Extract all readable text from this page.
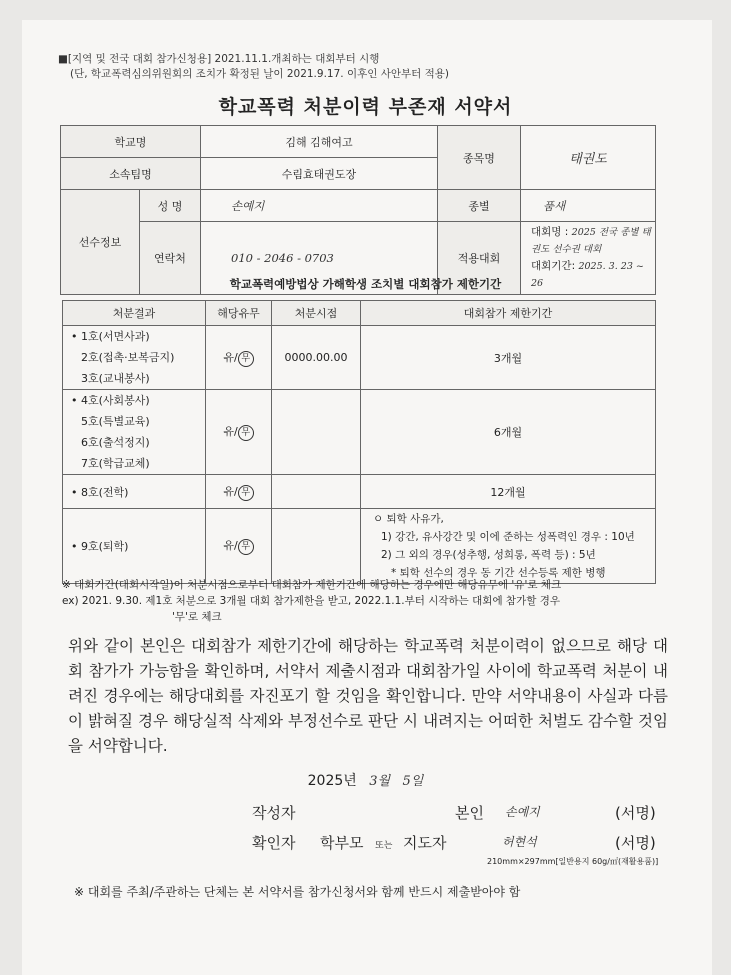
■[지역 및 전국 대회 참가신청용] 2021.11.1.개최하는 대회부터 시행
(단, 학교폭력심의위원회의 조치가 확정된 날이 2021.9.17. 이후인 사안부터 적용)
학교폭력 처분이력 부존재 서약서
학교명		김해 김해여고	종목명	태권도
소속팀명		수림효태권도장		
선수정보	성 명	손예지	종별	품새
	연락처	010 - 2046 - 0703	적용대회	대회명 : 2025 전국 종별 태권도 선수권 대회
대회기간: 2025. 3. 23 ~ 26
학교폭력예방법상 가해학생 조치별 대회참가 제한기간
처분결과	해당유무	처분시점	대회참가 제한기간

• 1호(서면사과)
2호(접촉·보복금지)
3호(교내봉사)	유/ 무	0000.00.00	3개월

• 4호(사회봉사)
5호(특별교육)
6호(출석정지)
7호(학급교체)	유/ 무		6개월
• 8호(전학)	유/ 무		12개월
• 9호(퇴학)	유/ 무		ㅇ 퇴학 사유가,
1) 강간, 유사강간 및 이에 준하는 성폭력인 경우 : 10년
2) 그 외의 경우(성추행, 성희롱, 폭력 등) : 5년
* 퇴학 선수의 경우 동 기간 선수등록 제한 병행
※ 대회기간(대회시작일)이 처분시점으로부터 대회참가 제한기간에 해당하는 경우에만 해당유무에 '유'로 체크
ex) 2021. 9.30. 제1호 처분으로 3개월 대회 참가제한을 받고, 2022.1.1.부터 시작하는 대회에 참가할 경우
'무'로 체크
위와 같이 본인은 대회참가 제한기간에 해당하는 학교폭력 처분이력이 없으므로 해당 대회 참가가 가능함을 확인하며, 서약서 제출시점과 대회참가일 사이에 학교폭력 처분이 내려진 경우에는 해당대회를 자진포기 할 것임을 확인합니다. 만약 서약내용이 사실과 다름이 밝혀질 경우 해당실적 삭제와 부정선수로 판단 시 내려지는 어떠한 처벌도 감수할 것임을 서약합니다.
2025년 3월 5일
작성자	본인 손예지	(서명)
확인자 학부모 또는 지도자	허현석	(서명)
210mm×297mm[일반용지 60g/㎡(재활용품)]
※ 대회를 주최/주관하는 단체는 본 서약서를 참가신청서와 함께 반드시 제출받아야 함
